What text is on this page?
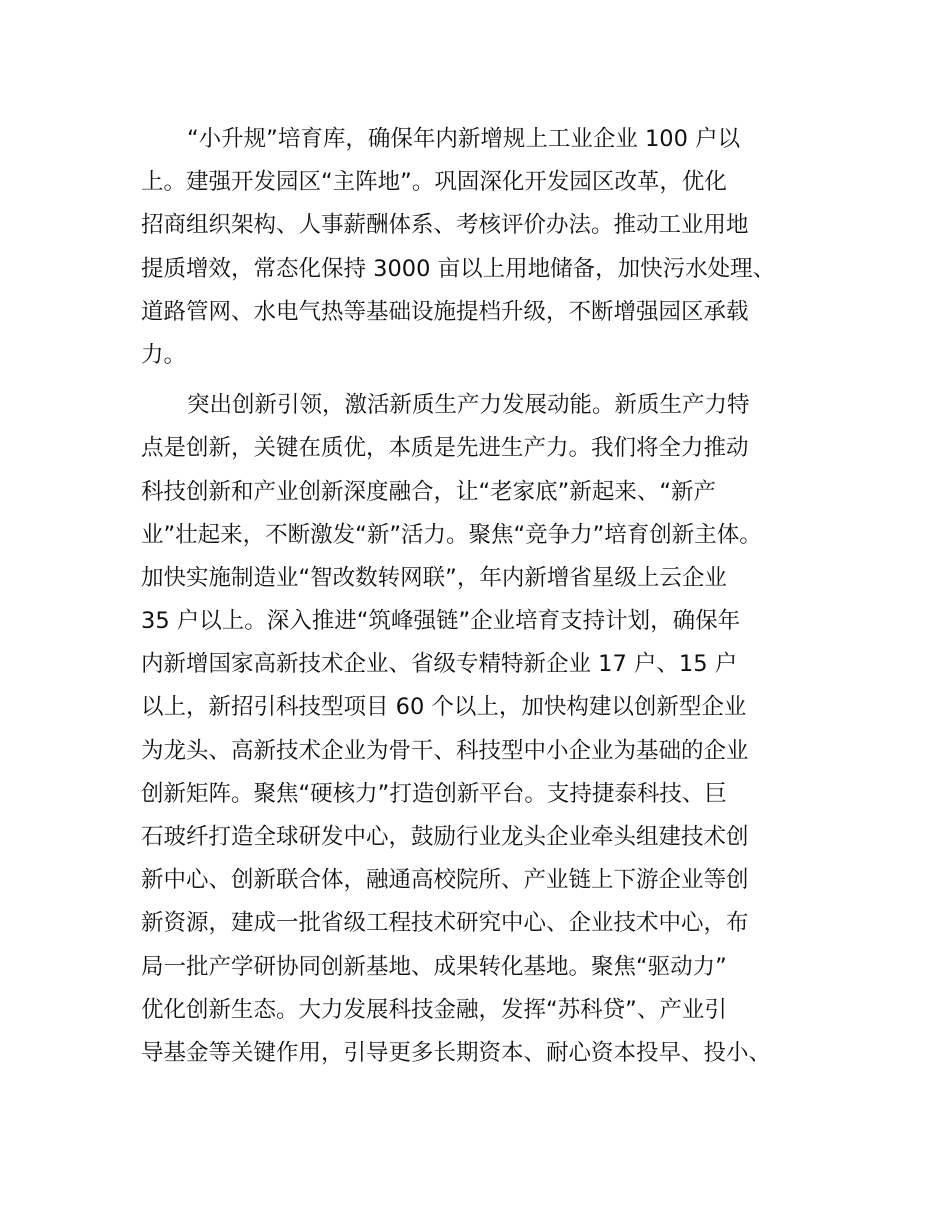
“小升规”培育库，确保年内新增规上工业企业 100 户以
上。建强开发园区“主阵地”。巩固深化开发园区改革，优化
招商组织架构、人事薪酬体系、考核评价办法。推动工业用地
提质增效，常态化保持 3000 亩以上用地储备，加快污水处理、
道路管网、水电气热等基础设施提档升级，不断增强园区承载
力。
突出创新引领，激活新质生产力发展动能。新质生产力特
点是创新，关键在质优，本质是先进生产力。我们将全力推动
科技创新和产业创新深度融合，让“老家底”新起来、“新产
业”壮起来，不断激发“新”活力。聚焦“竞争力”培育创新主体。
加快实施制造业“智改数转网联”，年内新增省星级上云企业
35 户以上。深入推进“筑峰强链”企业培育支持计划，确保年
内新增国家高新技术企业、省级专精特新企业 17 户、15 户
以上，新招引科技型项目 60 个以上，加快构建以创新型企业
为龙头、高新技术企业为骨干、科技型中小企业为基础的企业
创新矩阵。聚焦“硬核力”打造创新平台。支持捷泰科技、巨
石玻纤打造全球研发中心，鼓励行业龙头企业牵头组建技术创
新中心、创新联合体，融通高校院所、产业链上下游企业等创
新资源，建成一批省级工程技术研究中心、企业技术中心，布
局一批产学研协同创新基地、成果转化基地。聚焦“驱动力”
优化创新生态。大力发展科技金融，发挥“苏科贷”、产业引
导基金等关键作用，引导更多长期资本、耐心资本投早、投小、
